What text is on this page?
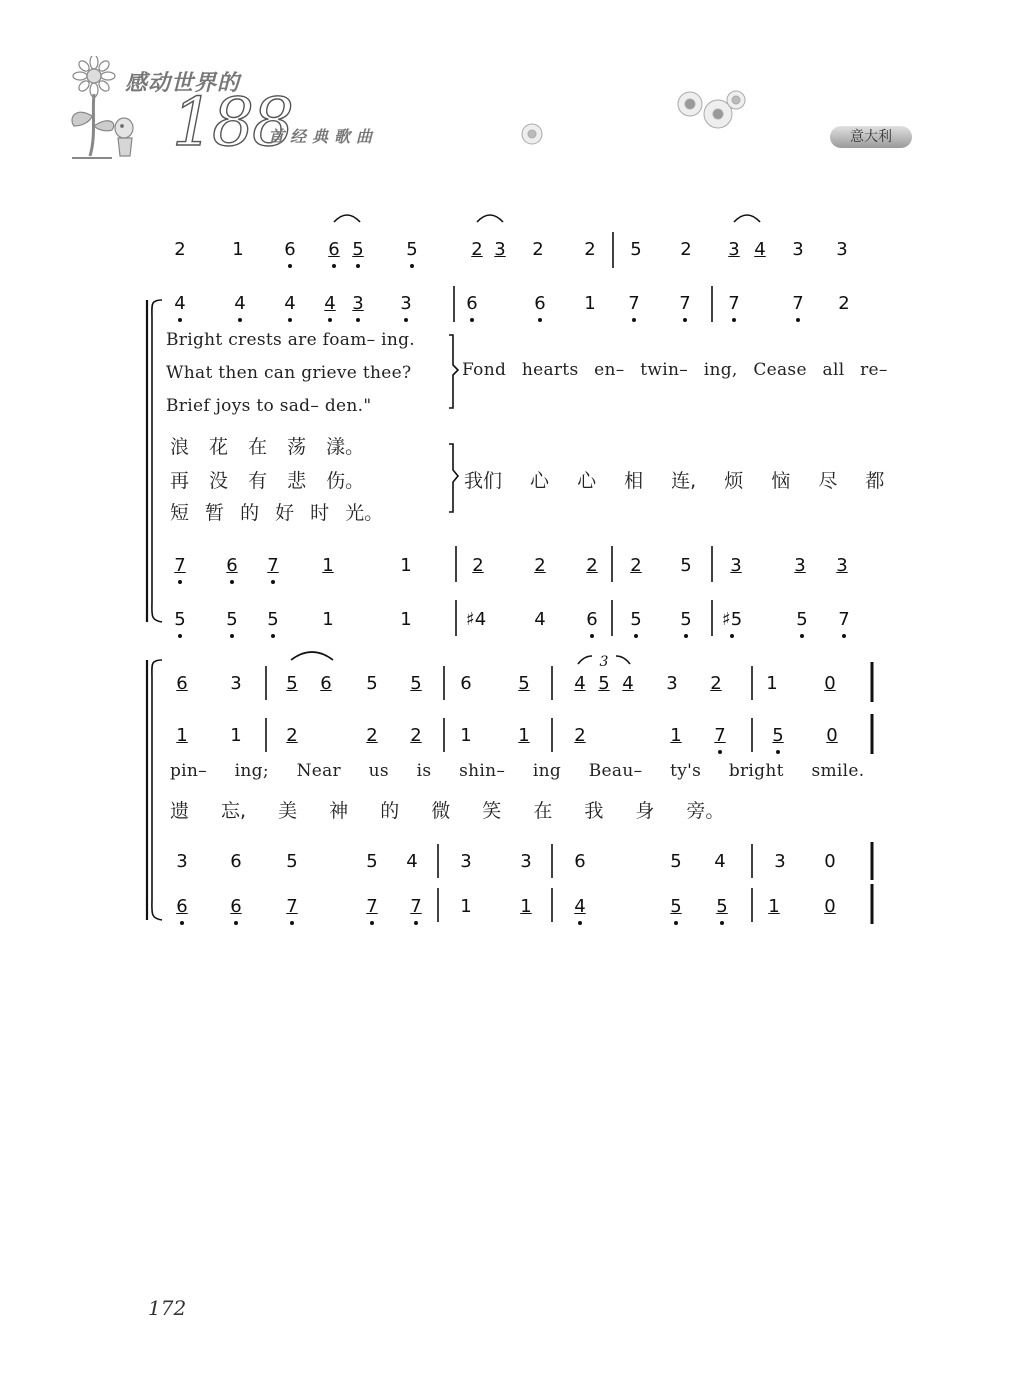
感动世界的
188
首经典歌曲	意大利
3
2	1 6 6 5 5	2 3 2 2 5 2 3 4 3 3
4	4 4 4 3 3	6	6 1 7 7 7	7 2
7 6 7 1	1	2	2 2 2 5 3	3 3
5 5 5 1	1	♯4	4 6 5 5 ♯5	5 7
6 3 5 6 5 5 6	5 4 5 4 3 2 1	0
1 1 2	2 2 1	1 2	1 7	5 0
3 6 5	5 4 3	3 6	5 4	3 0
6 6 7	7 7 1	1 4	5 5 1 0
Bright crests are foam– ing.
What then can grieve thee?
Brief joys to sad– den."
Fond hearts en– twin– ing, Cease all re–
浪 花 在 荡 漾。
再 没 有 悲 伤。
短 暂 的 好 时 光。
我们 心 心 相 连, 烦 恼 尽 都
pin– ing; Near us is shin– ing Beau– ty's bright smile.
遗 忘, 美 神 的 微 笑 在 我 身 旁。
172
